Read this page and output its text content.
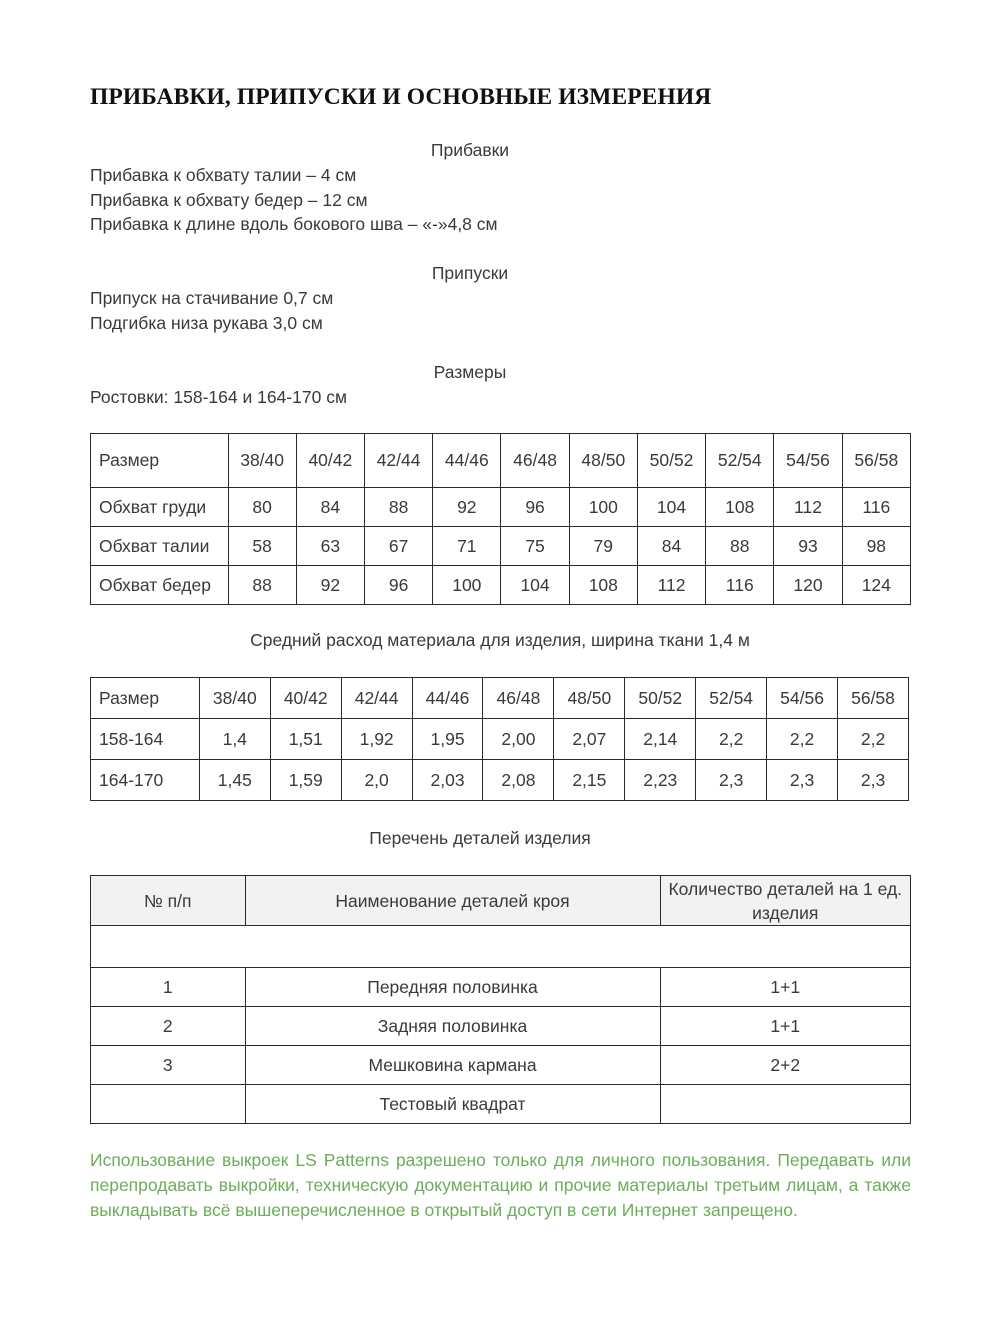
ПРИБАВКИ, ПРИПУСКИ И ОСНОВНЫЕ ИЗМЕРЕНИЯ
Прибавки
Прибавка к обхвату талии – 4 см
Прибавка к обхвату бедер – 12 см
Прибавка к длине вдоль бокового шва – «-»4,8 см
Припуски
Припуск на стачивание 0,7 см
Подгибка низа рукава 3,0 см
Размеры
Ростовки: 158-164 и 164-170 см
Размер	38/40	40/42	42/44	44/46	46/48	48/50	50/52	52/54	54/56	56/58
Обхват груди	80	84	88	92	96	100	104	108	112	116
Обхват талии	58	63	67	71	75	79	84	88	93	98
Обхват бедер	88	92	96	100	104	108	112	116	120	124
Средний расход материала для изделия, ширина ткани 1,4 м
Размер	38/40	40/42	42/44	44/46	46/48	48/50	50/52	52/54	54/56	56/58
158-164	1,4	1,51	1,92	1,95	2,00	2,07	2,14	2,2	2,2	2,2
164-170	1,45	1,59	2,0	2,03	2,08	2,15	2,23	2,3	2,3	2,3
Перечень деталей изделия
№ п/п	Наименование деталей кроя	Количество деталей на 1 ед. изделия

1	Передняя половинка	1+1
2	Задняя половинка	1+1
3	Мешковина кармана	2+2
	Тестовый квадрат	
Использование выкроек LS Patterns разрешено только для личного пользования. Передавать или перепродавать выкройки, техническую документацию и прочие материалы третьим лицам, а также выкладывать всё вышеперечисленное в открытый доступ в сети Интернет запрещено.
